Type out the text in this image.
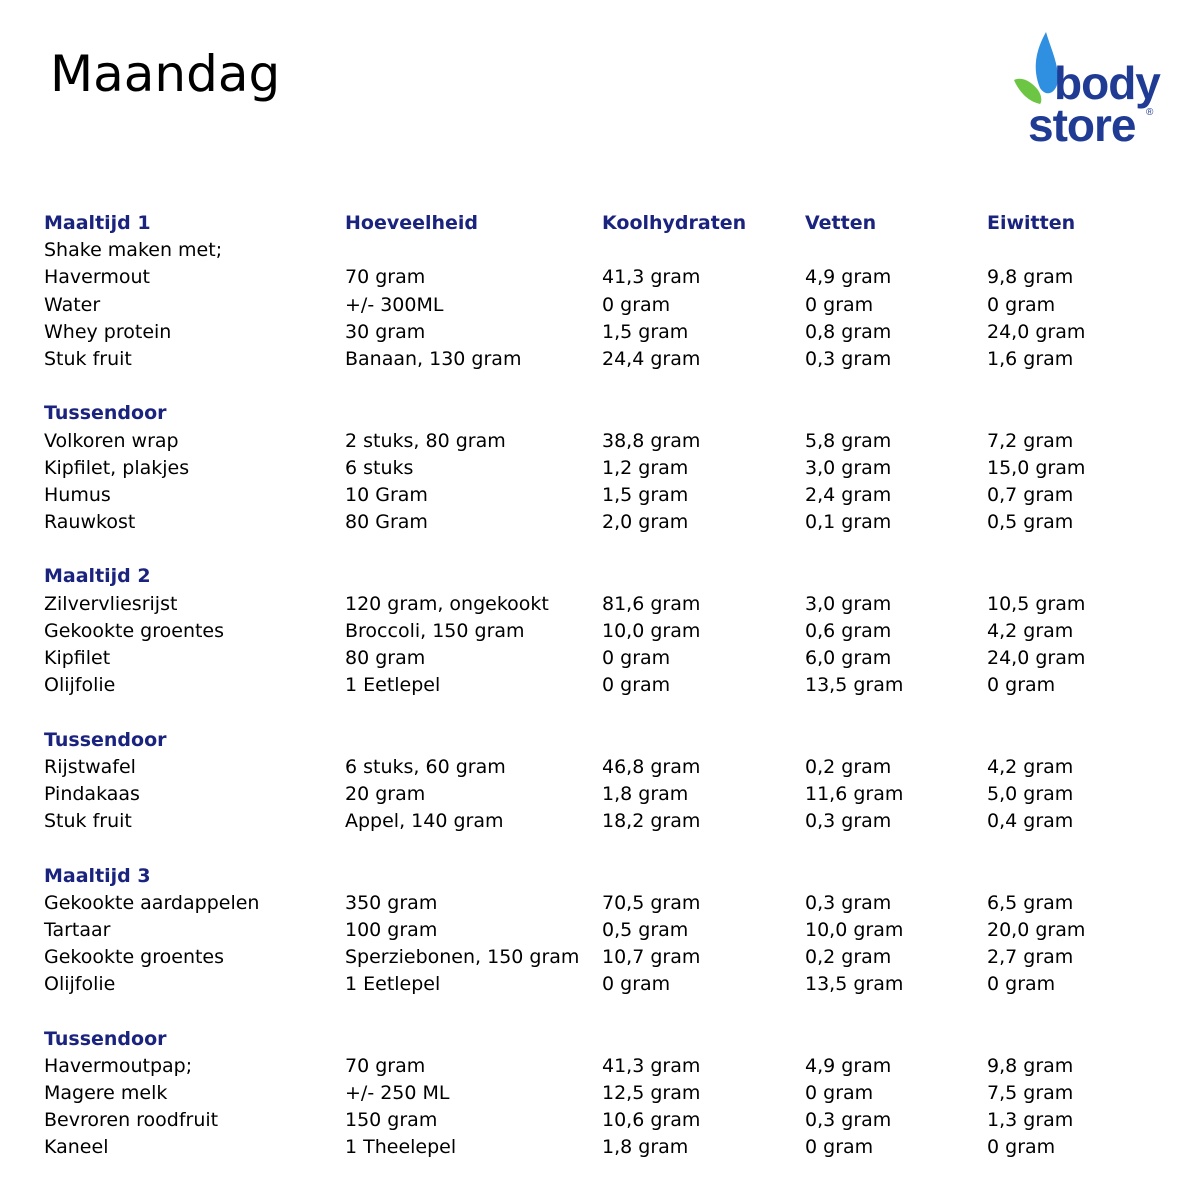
Maandag	body
store ®
Maaltijd 1	Hoeveelheid	Koolhydraten	Vetten	Eiwitten
Shake maken met;
Havermout	70 gram	41,3 gram	4,9 gram	9,8 gram
Water	+/- 300ML	0 gram	0 gram	0 gram
Whey protein	30 gram	1,5 gram	0,8 gram	24,0 gram
Stuk fruit	Banaan, 130 gram	24,4 gram	0,3 gram	1,6 gram
Tussendoor
Volkoren wrap	2 stuks, 80 gram	38,8 gram	5,8 gram	7,2 gram
Kipfilet, plakjes	6 stuks	1,2 gram	3,0 gram	15,0 gram
Humus	10 Gram	1,5 gram	2,4 gram	0,7 gram
Rauwkost	80 Gram	2,0 gram	0,1 gram	0,5 gram
Maaltijd 2
Zilvervliesrijst	120 gram, ongekookt	81,6 gram	3,0 gram	10,5 gram
Gekookte groentes	Broccoli, 150 gram	10,0 gram	0,6 gram	4,2 gram
Kipfilet	80 gram	0 gram	6,0 gram	24,0 gram
Olijfolie	1 Eetlepel	0 gram	13,5 gram	0 gram
Tussendoor
Rijstwafel	6 stuks, 60 gram	46,8 gram	0,2 gram	4,2 gram
Pindakaas	20 gram	1,8 gram	11,6 gram	5,0 gram
Stuk fruit	Appel, 140 gram	18,2 gram	0,3 gram	0,4 gram
Maaltijd 3
Gekookte aardappelen	350 gram	70,5 gram	0,3 gram	6,5 gram
Tartaar	100 gram	0,5 gram	10,0 gram	20,0 gram
Gekookte groentes	Sperziebonen, 150 gram 10,7 gram	0,2 gram	2,7 gram
Olijfolie	1 Eetlepel	0 gram	13,5 gram	0 gram
Tussendoor
Havermoutpap;	70 gram	41,3 gram	4,9 gram	9,8 gram
Magere melk	+/- 250 ML	12,5 gram	0 gram	7,5 gram
Bevroren roodfruit	150 gram	10,6 gram	0,3 gram	1,3 gram
Kaneel	1 Theelepel	1,8 gram	0 gram	0 gram
